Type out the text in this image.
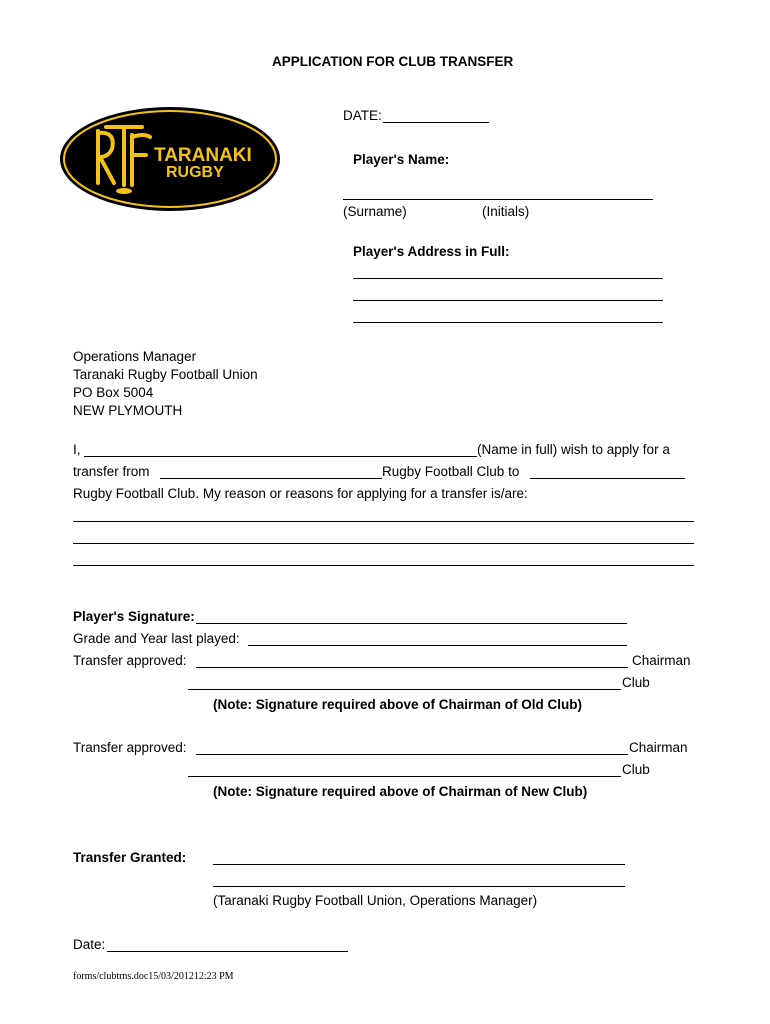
APPLICATION FOR CLUB TRANSFER
TARANAKI
RUGBY
DATE:
Player's Name:
(Surname)	(Initials)
Player's Address in Full:
Operations Manager
Taranaki Rugby Football Union
PO Box 5004
NEW PLYMOUTH
I,	(Name in full) wish to apply for a
transfer from	Rugby Football Club to
Rugby Football Club. My reason or reasons for applying for a transfer is/are:
Player's Signature:
Grade and Year last played:
Transfer approved:	Chairman
Club
(Note: Signature required above of Chairman of Old Club)
Transfer approved:	Chairman
Club
(Note: Signature required above of Chairman of New Club)
Transfer Granted:
(Taranaki Rugby Football Union, Operations Manager)
Date:
forms/clubtrns.doc15/03/201212:23 PM
